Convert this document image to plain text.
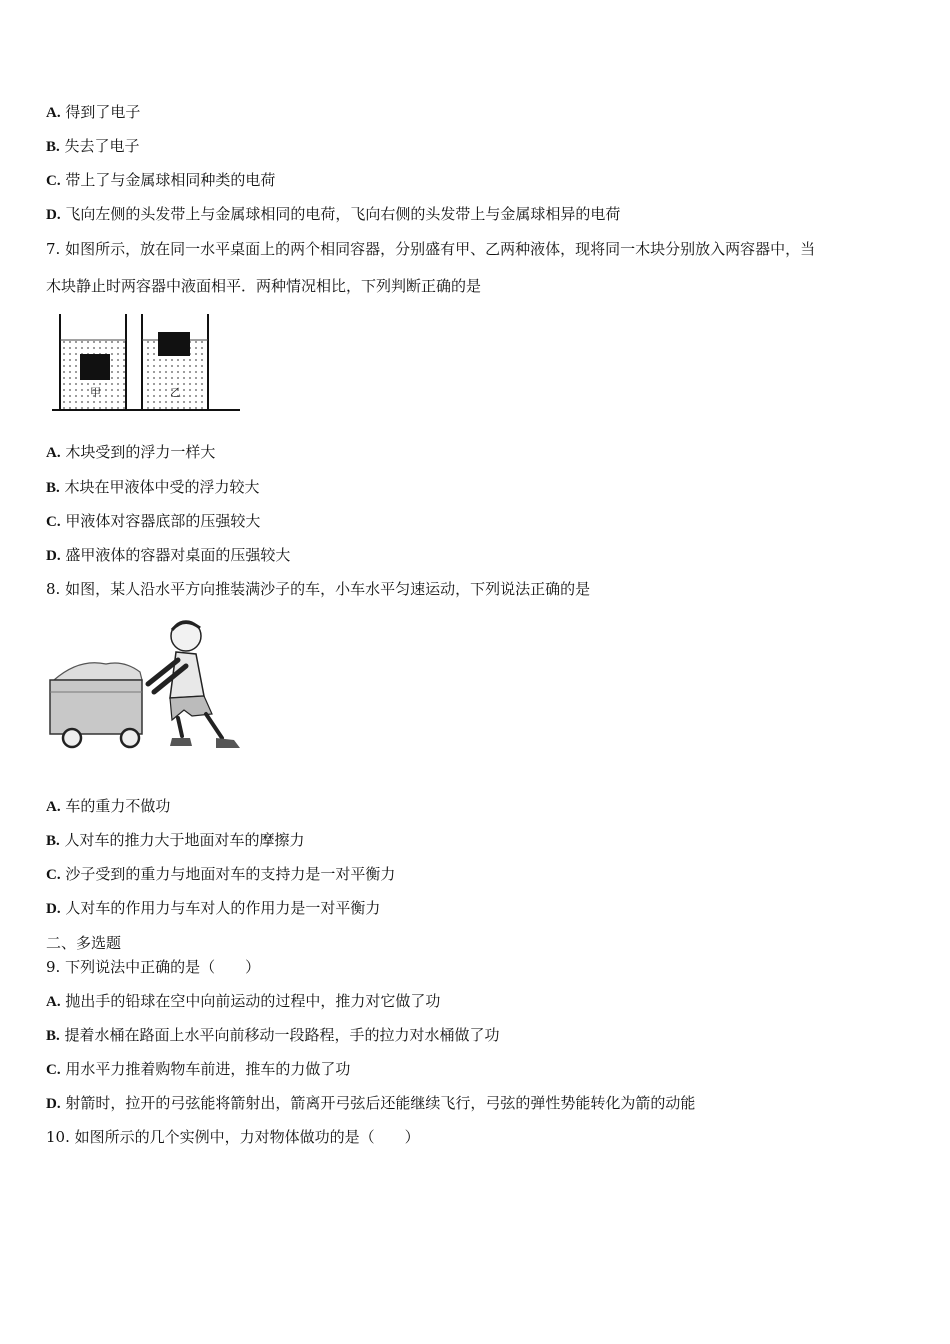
A. 得到了电子
B. 失去了电子
C. 带上了与金属球相同种类的电荷
D. 飞向左侧的头发带上与金属球相同的电荷，飞向右侧的头发带上与金属球相异的电荷
7. 如图所示，放在同一水平桌面上的两个相同容器，分别盛有甲、乙两种液体，现将同一木块分别放入两容器中，当
木块静止时两容器中液面相平．两种情况相比，下列判断正确的是
甲	乙
A. 木块受到的浮力一样大
B. 木块在甲液体中受的浮力较大
C. 甲液体对容器底部的压强较大
D. 盛甲液体的容器对桌面的压强较大
8. 如图，某人沿水平方向推装满沙子的车，小车水平匀速运动，下列说法正确的是
A. 车的重力不做功
B. 人对车的推力大于地面对车的摩擦力
C. 沙子受到的重力与地面对车的支持力是一对平衡力
D. 人对车的作用力与车对人的作用力是一对平衡力
二、多选题
9. 下列说法中正确的是（　　）
A. 抛出手的铅球在空中向前运动的过程中，推力对它做了功
B. 提着水桶在路面上水平向前移动一段路程，手的拉力对水桶做了功
C. 用水平力推着购物车前进，推车的力做了功
D. 射箭时，拉开的弓弦能将箭射出，箭离开弓弦后还能继续飞行，弓弦的弹性势能转化为箭的动能
10. 如图所示的几个实例中，力对物体做功的是（　　）
